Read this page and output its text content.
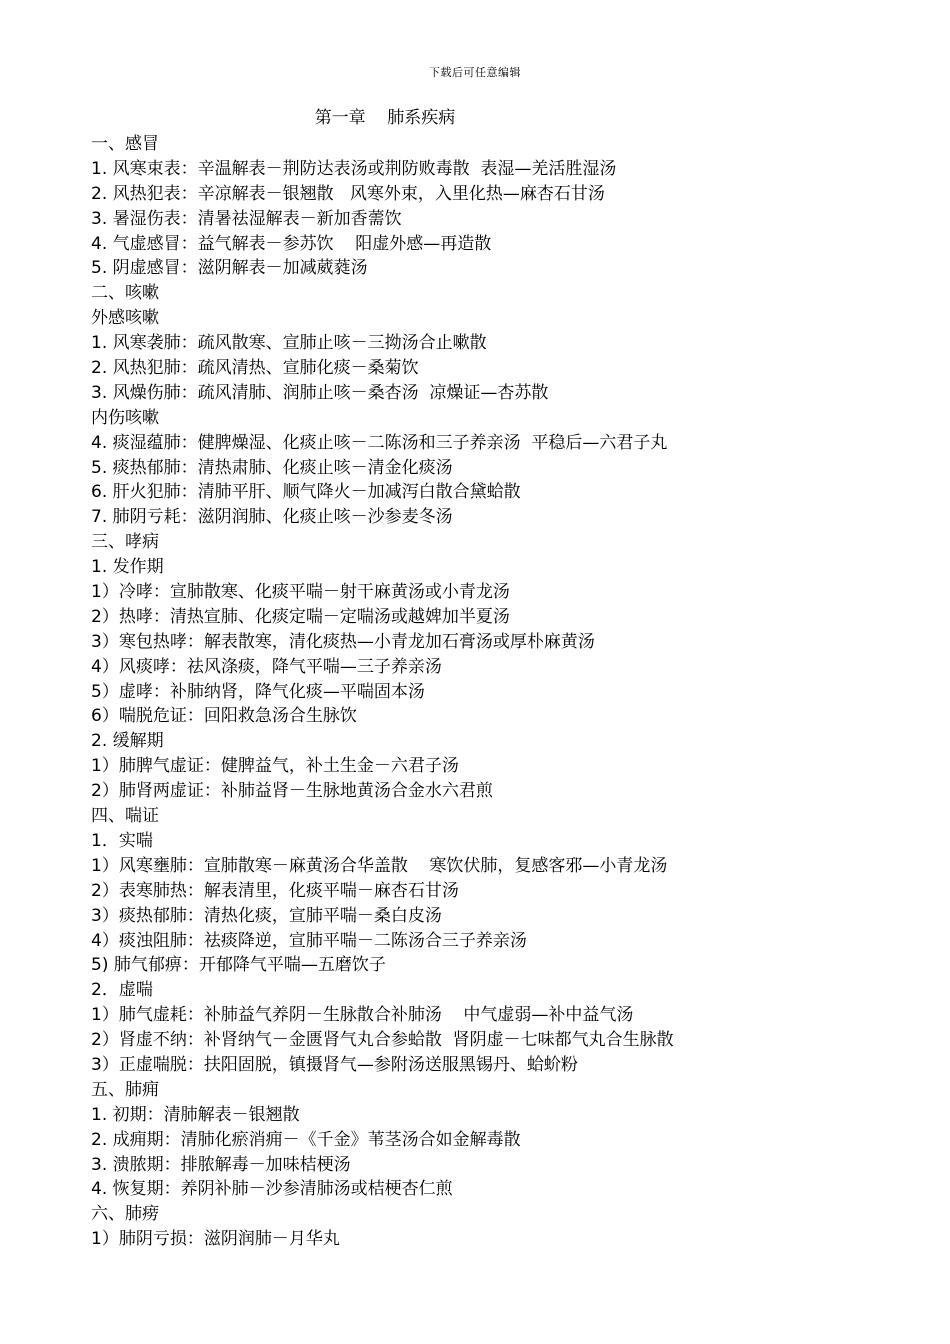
下载后可任意编辑
第一章    肺系疾病
一、感冒
1. 风寒束表：辛温解表－荆防达表汤或荆防败毒散  表湿—羌活胜湿汤
2. 风热犯表：辛凉解表－银翘散   风寒外束，入里化热—麻杏石甘汤
3. 暑湿伤表：清暑祛湿解表－新加香薷饮
4. 气虚感冒：益气解表－参苏饮    阳虚外感—再造散
5. 阴虚感冒：滋阴解表－加减葳蕤汤
二、咳嗽
外感咳嗽
1. 风寒袭肺：疏风散寒、宣肺止咳－三拗汤合止嗽散
2. 风热犯肺：疏风清热、宣肺化痰－桑菊饮
3. 风燥伤肺：疏风清肺、润肺止咳－桑杏汤  凉燥证—杏苏散
内伤咳嗽
4. 痰湿蕴肺：健脾燥湿、化痰止咳－二陈汤和三子养亲汤  平稳后—六君子丸
5. 痰热郁肺：清热肃肺、化痰止咳－清金化痰汤
6. 肝火犯肺：清肺平肝、顺气降火－加减泻白散合黛蛤散
7. 肺阴亏耗：滋阴润肺、化痰止咳－沙参麦冬汤
三、哮病
1. 发作期
1）冷哮：宣肺散寒、化痰平喘－射干麻黄汤或小青龙汤
2）热哮：清热宣肺、化痰定喘－定喘汤或越婢加半夏汤
3）寒包热哮：解表散寒，清化痰热—小青龙加石膏汤或厚朴麻黄汤
4）风痰哮：祛风涤痰，降气平喘—三子养亲汤
5）虚哮：补肺纳肾，降气化痰—平喘固本汤
6）喘脱危证：回阳救急汤合生脉饮
2. 缓解期
1）肺脾气虚证：健脾益气，补土生金－六君子汤
2）肺肾两虚证：补肺益肾－生脉地黄汤合金水六君煎
四、喘证
1．实喘
1）风寒壅肺：宣肺散寒－麻黄汤合华盖散    寒饮伏肺，复感客邪—小青龙汤
2）表寒肺热：解表清里，化痰平喘－麻杏石甘汤
3）痰热郁肺：清热化痰，宣肺平喘－桑白皮汤
4）痰浊阻肺：祛痰降逆，宣肺平喘－二陈汤合三子养亲汤
5) 肺气郁痹：开郁降气平喘—五磨饮子
2．虚喘
1）肺气虚耗：补肺益气养阴－生脉散合补肺汤    中气虚弱—补中益气汤
2）肾虚不纳：补肾纳气－金匮肾气丸合参蛤散  肾阴虚－七味都气丸合生脉散
3）正虚喘脱：扶阳固脱，镇摄肾气—参附汤送服黑锡丹、蛤蚧粉
五、肺痈
1. 初期：清肺解表－银翘散
2. 成痈期：清肺化瘀消痈－《千金》苇茎汤合如金解毒散
3. 溃脓期：排脓解毒－加味桔梗汤
4. 恢复期：养阴补肺－沙参清肺汤或桔梗杏仁煎
六、肺痨
1）肺阴亏损：滋阴润肺－月华丸
